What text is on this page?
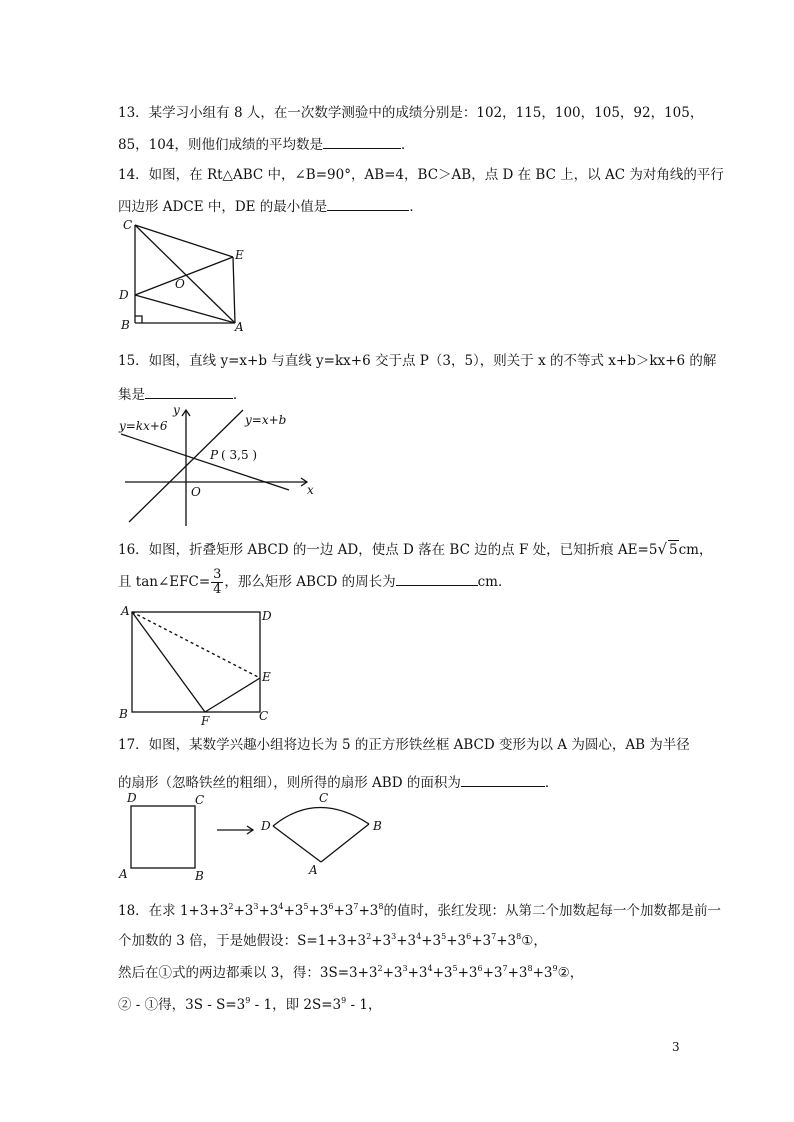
13．某学习小组有 8 人，在一次数学测验中的成绩分别是：102，115，100，105，92，105，
85，104，则他们成绩的平均数是	．
14．如图，在 Rt△ABC 中，∠B=90°，AB=4，BC＞AB，点 D 在 BC 上，以 AC 为对角线的平行
四边形 ADCE 中，DE 的最小值是	．
C
E
O
D
B	A
15．如图，直线 y=x+b 与直线 y=kx+6 交于点 P（3，5），则关于 x 的不等式 x+b＞kx+6 的解
集是	．
y
x
O
P ( 3,5 )
y=kx+6	y=x+b
16．如图，折叠矩形 ABCD 的一边 AD，使点 D 落在 BC 边的点 F 处，已知折痕 AE=5√ 5cm，
且 tan∠EFC= $\frac{3}{4}$ ，那么矩形 ABCD 的周长为	cm．
A	D
E
B	F	C
17．如图，某数学兴趣小组将边长为 5 的正方形铁丝框 ABCD 变形为以 A 为圆心，AB 为半径
的扇形（忽略铁丝的粗细），则所得的扇形 ABD 的面积为	．
D	C
A	B
C
D	B
A
18．在求 $1+3+3^2+3^3+3^4+3^5+3^6+3^7+3^8$的值时，张红发现：从第二个加数起每一个加数都是前一
个加数的 3 倍，于是她假设：$S=1+3+3^2+3^3+3^4+3^5+3^6+3^7+3^8①$，
然后在①式的两边都乘以 3，得：$3S=3+3^2+3^3+3^4+3^5+3^6+3^7+3^8+3^9②$，
② - ①得，$3S - S=3^9 - 1$，即 $2S=3^9 - 1$，
3
